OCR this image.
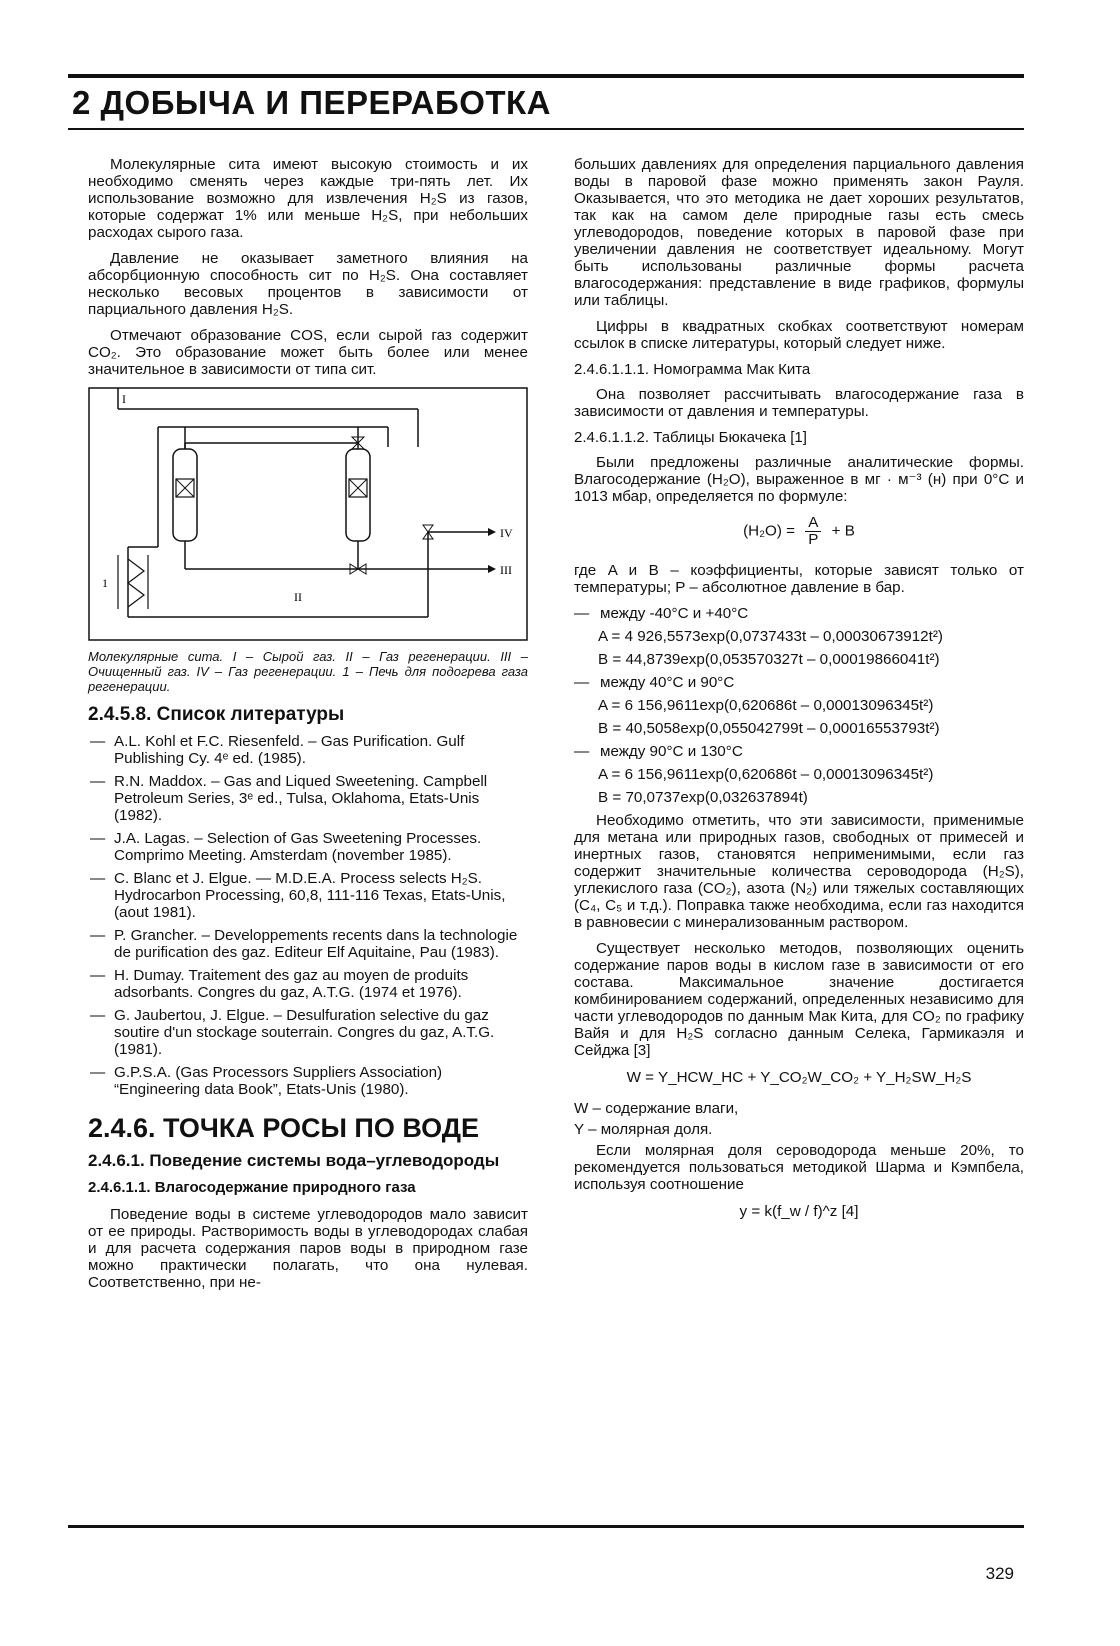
2 ДОБЫЧА И ПЕРЕРАБОТКА

Молекулярные сита имеют высокую стоимость и их необходимо сменять через каждые три-пять лет. Их использование возможно для извлечения H₂S из газов, которые содержат 1% или меньше H₂S, при небольших расходах сырого газа.

Давление не оказывает заметного влияния на абсорбционную способность сит по H₂S. Она составляет несколько весовых процентов в зависимости от парциального давления H₂S.

Отмечают образование COS, если сырой газ содержит CO₂. Это образование может быть более или менее значительное в зависимости от типа сит.

I
IV
III
II
1

Молекулярные сита. I – Сырой газ. II – Газ регенерации. III – Очищенный газ. IV – Газ регенерации. 1 – Печь для подогрева газа регенерации.

2.4.5.8. Список литературы
— A.L. Kohl et F.C. Riesenfeld. – Gas Purification. Gulf Publishing Cy. 4ᵉ ed. (1985).
— R.N. Maddox. – Gas and Liqued Sweetening. Campbell Petroleum Series, 3ᵉ ed., Tulsa, Oklahoma, Etats-Unis (1982).
— J.A. Lagas. – Selection of Gas Sweetening Processes. Comprimo Meeting. Amsterdam (november 1985).
— C. Blanc et J. Elgue. — M.D.E.A. Process selects H₂S. Hydrocarbon Processing, 60,8, 111-116 Texas, Etats-Unis, (aout 1981).
— P. Grancher. – Developpements recents dans la technologie de purification des gaz. Editeur Elf Aquitaine, Pau (1983).
— H. Dumay. Traitement des gaz au moyen de produits adsorbants. Congres du gaz, A.T.G. (1974 et 1976).
— G. Jaubertou, J. Elgue. – Desulfuration selective du gaz soutire d'un stockage souterrain. Congres du gaz, A.T.G. (1981).
— G.P.S.A. (Gas Processors Suppliers Association) “Engineering data Book”, Etats-Unis (1980).
2.4.6. ТОЧКА РОСЫ ПО ВОДЕ
2.4.6.1. Поведение системы вода–углеводороды
2.4.6.1.1. Влагосодержание природного газа

Поведение воды в системе углеводородов мало зависит от ее природы. Растворимость воды в углеводородах слабая и для расчета содержания паров воды в природном газе можно практически полагать, что она нулевая. Соответственно, при не-

больших давлениях для определения парциального давления воды в паровой фазе можно применять закон Рауля. Оказывается, что это методика не дает хороших результатов, так как на самом деле природные газы есть смесь углеводородов, поведение которых в паровой фазе при увеличении давления не соответствует идеальному. Могут быть использованы различные формы расчета влагосодержания: представление в виде графиков, формулы или таблицы.

Цифры в квадратных скобках соответствуют номерам ссылок в списке литературы, который следует ниже.

2.4.6.1.1.1. Номограмма Мак Кита

Она позволяет рассчитывать влагосодержание газа в зависимости от давления и температуры.

2.4.6.1.1.2. Таблицы Бюкачека [1]

Были предложены различные аналитические формы. Влагосодержание (H₂O), выраженное в мг · м⁻³ (н) при 0°С и 1013 мбар, определяется по формуле:

$(H_2O) = \frac{A}{P} + B$

где A и B – коэффициенты, которые зависят только от температуры; P – абсолютное давление в бар.

— между -40°C и +40°C
A = 4 926,5573exp(0,0737433t – 0,00030673912t²)
B = 44,8739exp(0,053570327t – 0,00019866041t²)
— между 40°C и 90°C
A = 6 156,9611exp(0,620686t – 0,00013096345t²)
B = 40,5058exp(0,055042799t – 0,00016553793t²)
— между 90°C и 130°C
A = 6 156,9611exp(0,620686t – 0,00013096345t²)
B = 70,0737exp(0,032637894t)

Необходимо отметить, что эти зависимости, применимые для метана или природных газов, свободных от примесей и инертных газов, становятся неприменимыми, если газ содержит значительные количества сероводорода (H₂S), углекислого газа (CO₂), азота (N₂) или тяжелых составляющих (C₄, C₅ и т.д.). Поправка также необходима, если газ находится в равновесии с минерализованным раствором.

Существует несколько методов, позволяющих оценить содержание паров воды в кислом газе в зависимости от его состава. Максимальное значение достигается комбинированием содержаний, определенных независимо для части углеводородов по данным Мак Кита, для CO₂ по графику Вайя и для H₂S согласно данным Селека, Гармикаэля и Сейджа [3]

W = Y_HCW_HC + Y_CO₂W_CO₂ + Y_H₂SW_H₂S
W – содержание влаги,
Y – молярная доля.

Если молярная доля сероводорода меньше 20%, то рекомендуется пользоваться методикой Шарма и Кэмпбела, используя соотношение

y = k(f_w / f)^z [4]
329
